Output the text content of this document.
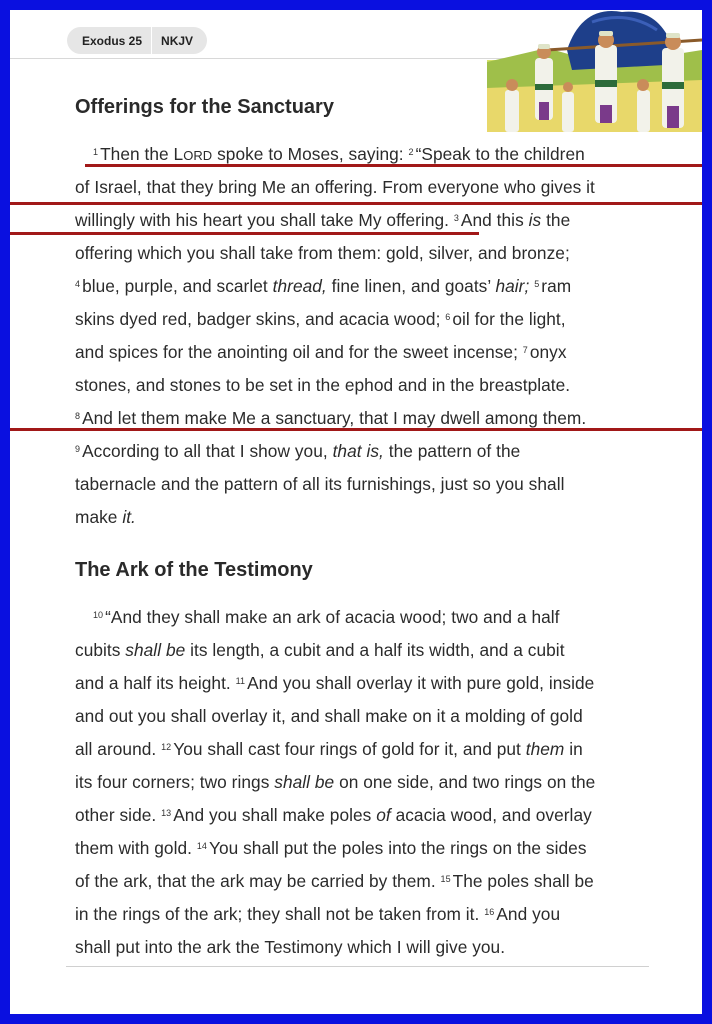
Exodus 25	NKJV
Offerings for the Sanctuary
The Ark of the Testimony
$^1$ Then the LORD spoke to Moses, saying: $^2$ “Speak to the children
of Israel, that they bring Me an offering. From everyone who gives it
willingly with his heart you shall take My offering. $^3$ And this is the
offering which you shall take from them: gold, silver, and bronze;
$^4$ blue, purple, and scarlet thread, fine linen, and goats’ hair; $^5$ ram
skins dyed red, badger skins, and acacia wood; $^6$ oil for the light,
and spices for the anointing oil and for the sweet incense; $^7$ onyx
stones, and stones to be set in the ephod and in the breastplate.
$^8$ And let them make Me a sanctuary, that I may dwell among them.
$^9$ According to all that I show you, that is, the pattern of the
tabernacle and the pattern of all its furnishings, just so you shall
make it.
$^{10}$ “And they shall make an ark of acacia wood; two and a half
cubits shall be its length, a cubit and a half its width, and a cubit
and a half its height. $^{11}$ And you shall overlay it with pure gold, inside
and out you shall overlay it, and shall make on it a molding of gold
all around. $^{12}$ You shall cast four rings of gold for it, and put them in
its four corners; two rings shall be on one side, and two rings on the
other side. $^{13}$ And you shall make poles of acacia wood, and overlay
them with gold. $^{14}$ You shall put the poles into the rings on the sides
of the ark, that the ark may be carried by them. $^{15}$ The poles shall be
in the rings of the ark; they shall not be taken from it. $^{16}$ And you
shall put into the ark the Testimony which I will give you.
